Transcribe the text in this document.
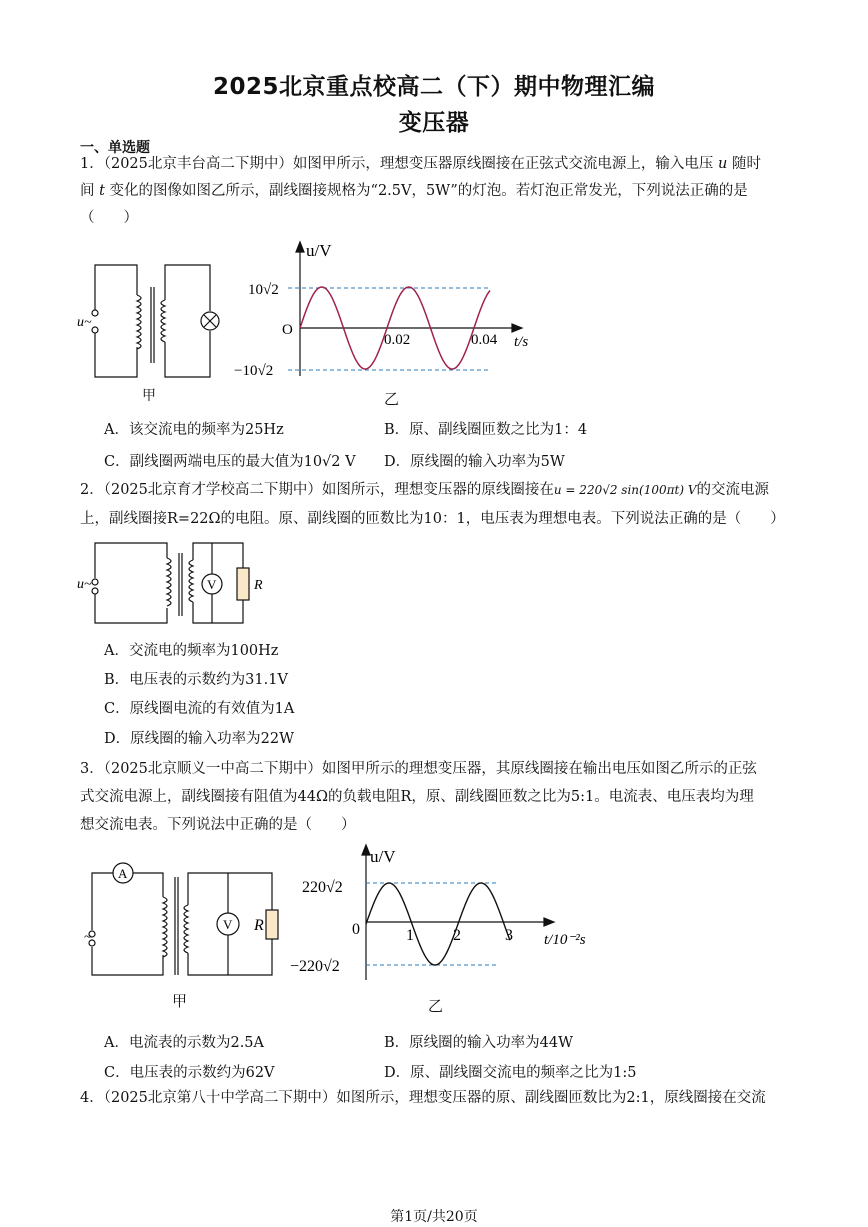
2025北京重点校高二（下）期中物理汇编
变压器
一、单选题
1．（2025北京丰台高二下期中）如图甲所示，理想变压器原线圈接在正弦式交流电源上，输入电压 u 随时
间 t 变化的图像如图乙所示，副线圈接规格为“2.5V，5W”的灯泡。若灯泡正常发光，下列说法正确的是
（　　）
u~
甲
u/V
10√2
O
0.02	0.04 t/s
−10√2
乙
A．该交流电的频率为25Hz	B．原、副线圈匝数之比为1：4
C．副线圈两端电压的最大值为10√2 V D．原线圈的输入功率为5W
2．（2025北京育才学校高二下期中）如图所示，理想变压器的原线圈接在u = 220√2 sin(100πt) V的交流电源
上，副线圈接R=22Ω的电阻。原、副线圈的匝数比为10：1，电压表为理想电表。下列说法正确的是（　　）
V	R
u~
A．交流电的频率为100Hz
B．电压表的示数约为31.1V
C．原线圈电流的有效值为1A
D．原线圈的输入功率为22W
3．（2025北京顺义一中高二下期中）如图甲所示的理想变压器，其原线圈接在输出电压如图乙所示的正弦
式交流电源上，副线圈接有阻值为44Ω的负载电阻R，原、副线圈匝数之比为5:1。电流表、电压表均为理
想交流电表。下列说法中正确的是（　　）
A
V R
~
甲
u/V
220√2
0	1 2	3 t/10⁻²s
−220√2
乙
A．电流表的示数为2.5A	B．原线圈的输入功率为44W
C．电压表的示数约为62V	D．原、副线圈交流电的频率之比为1:5
4．（2025北京第八十中学高二下期中）如图所示，理想变压器的原、副线圈匝数比为2:1，原线圈接在交流
第1页/共20页
